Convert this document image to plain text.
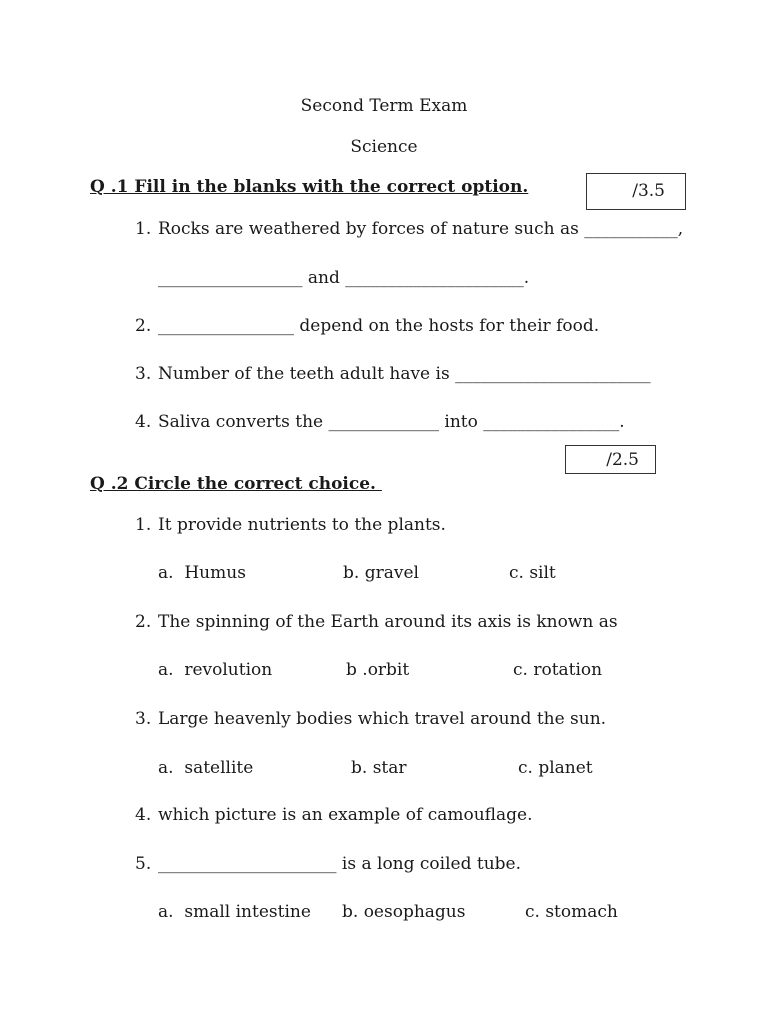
Second Term Exam
Science
Q .1 Fill in the blanks with the correct option.	/3.5
1. Rocks are weathered by forces of nature such as ___________,
_________________ and _____________________.
2. ________________ depend on the hosts for their food.
3. Number of the teeth adult have is _______________________
4. Saliva converts the _____________ into ________________.
/2.5
Q .2 Circle the correct choice.
1. It provide nutrients to the plants.
a.  Humus	b. gravel	c. silt
2. The spinning of the Earth around its axis is known as
a.  revolution	b .orbit	c. rotation
3. Large heavenly bodies which travel around the sun.
a.  satellite	b. star	c. planet
4. which picture is an example of camouflage.
5. _____________________ is a long coiled tube.
a.  small intestine b. oesophagus	c. stomach
